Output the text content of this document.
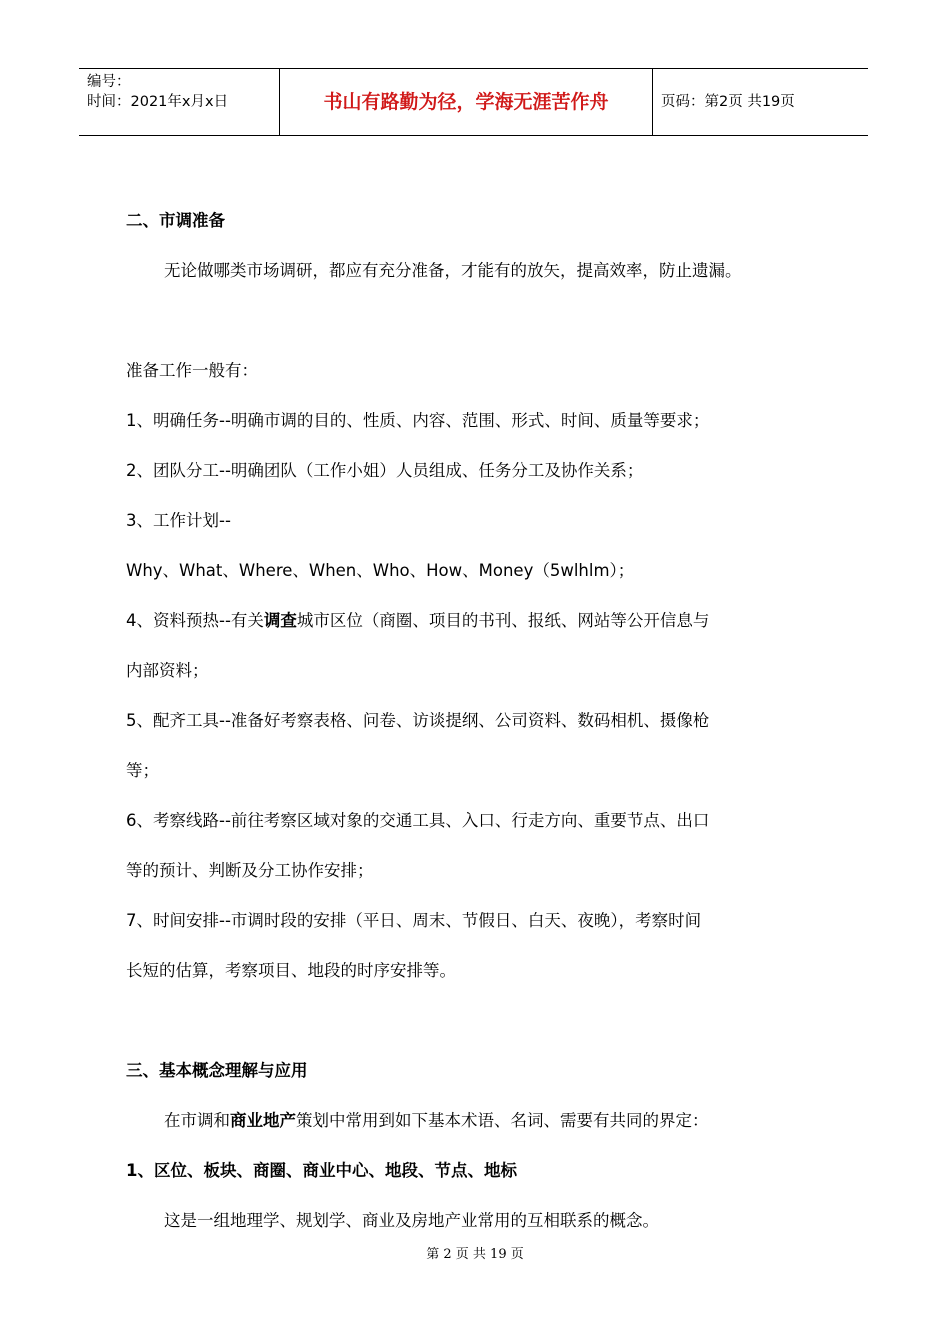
编号：
时间：2021年x月x日	书山有路勤为径，学海无涯苦作舟	页码：第2页 共19页
二、市调准备
无论做哪类市场调研，都应有充分准备，才能有的放矢，提高效率，防止遗漏。
准备工作一般有：
1、明确任务--明确市调的目的、性质、内容、范围、形式、时间、质量等要求；
2、团队分工--明确团队（工作小姐）人员组成、任务分工及协作关系；
3、工作计划--
Why、What、Where、When、Who、How、Money（5wlhlm）；
4、资料预热--有关调查城市区位（商圈、项目的书刊、报纸、网站等公开信息与
内部资料；
5、配齐工具--准备好考察表格、问卷、访谈提纲、公司资料、数码相机、摄像枪
等；
6、考察线路--前往考察区域对象的交通工具、入口、行走方向、重要节点、出口
等的预计、判断及分工协作安排；
7、时间安排--市调时段的安排（平日、周末、节假日、白天、夜晚），考察时间
长短的估算，考察项目、地段的时序安排等。
三、基本概念理解与应用
在市调和商业地产策划中常用到如下基本术语、名词、需要有共同的界定：
1、区位、板块、商圈、商业中心、地段、节点、地标
这是一组地理学、规划学、商业及房地产业常用的互相联系的概念。
第 2 页 共 19 页
